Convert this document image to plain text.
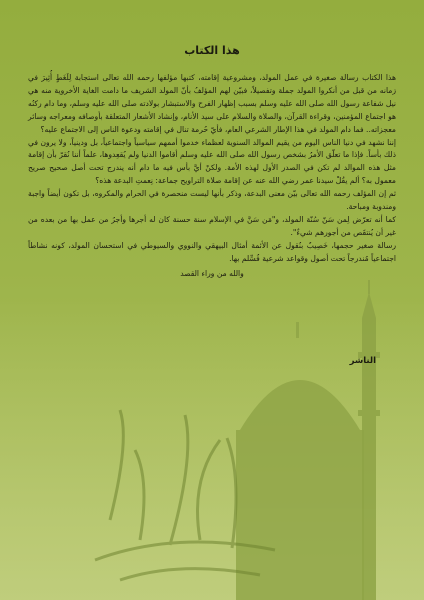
هذا الكتاب

هذا الكتاب رسالة صغيرة في عمل المولد، ومشروعية إقامته، كتبها مؤلفها رحمه الله تعالى استجابة لِلَغَطٍ أُثِيرَ في زمانه من قبل من أنكروا المولد جملة وتفصيلاً، فبيّن لهم المؤلفُ بأنّ المولد الشريف ما دامت الغاية الأخروية منه هي نيل شفاعة رسول الله صلى الله عليه وسلم بسبب إظهار الفرح والاستبشار بولادته صلى الله عليه وسلم، وما دام ركنُه هو اجتماع المؤمنين، وقراءة القرآن، والصلاة والسلام على سيد الأنام، وإنشاد الأشعار المتعلقة بأوصافه ومعراجه وسائر معجزاته.. فما دام المولد في هذا الإطار الشرعي العام، فأيّ حُرمة تنال في إقامته ودعوة الناس إلى الاجتماع عليه؟

إننا نشهد في دنيا الناس اليوم من يقيم الموالد السنوية لعظماء خدموا أممهم سياسياً واجتماعياً، بل ودينياً، ولا يرون في ذلك بأساً. فإذا ما تعلّق الأمرُ بشخص رسول الله صلى الله عليه وسلم أقاموا الدنيا ولم يُقعِدوها، علماً أننا نُقرّ بأن إقامة مثل هذه الموالد لم تكن في الصدر الأول لهذه الأمة. ولكنْ أيَّ بأس فيه ما دام أنه يندرج تحت أصل صحيح صريح معمول به؟ ألم يقُلْ سيدنا عمر رضي الله عنه عن إقامة صلاة التراويح جماعة: نِعمتِ البدعة هذه؟

ثم إن المؤلف رحمه الله تعالى بيّن معنى البدعة، وذكر بأنها ليست منحصرة في الحرام والمكروه، بل تكون أيضاً واجبة ومندوبة ومباحة.

كما أنه تعرّض لِمن سَنّ سُنّة المولد، و"مَن سَنَّ في الإسلام سنة حسنة كان له أجرها وأجرُ من عمل بها من بعده من غير أن يُنتقَص من أجورهم شيءٌ".

رسالة صغير حجمها، خَصِيبٌ بنُقول عن الأئمة أمثال البيهقي والنووي والسيوطي في استحسان المولد، كونه نشاطاً اجتماعياً مُندرجاً تحت أصول وقواعد شرعية فُسِّلم بها.

والله من وراء القصد

الناشر
